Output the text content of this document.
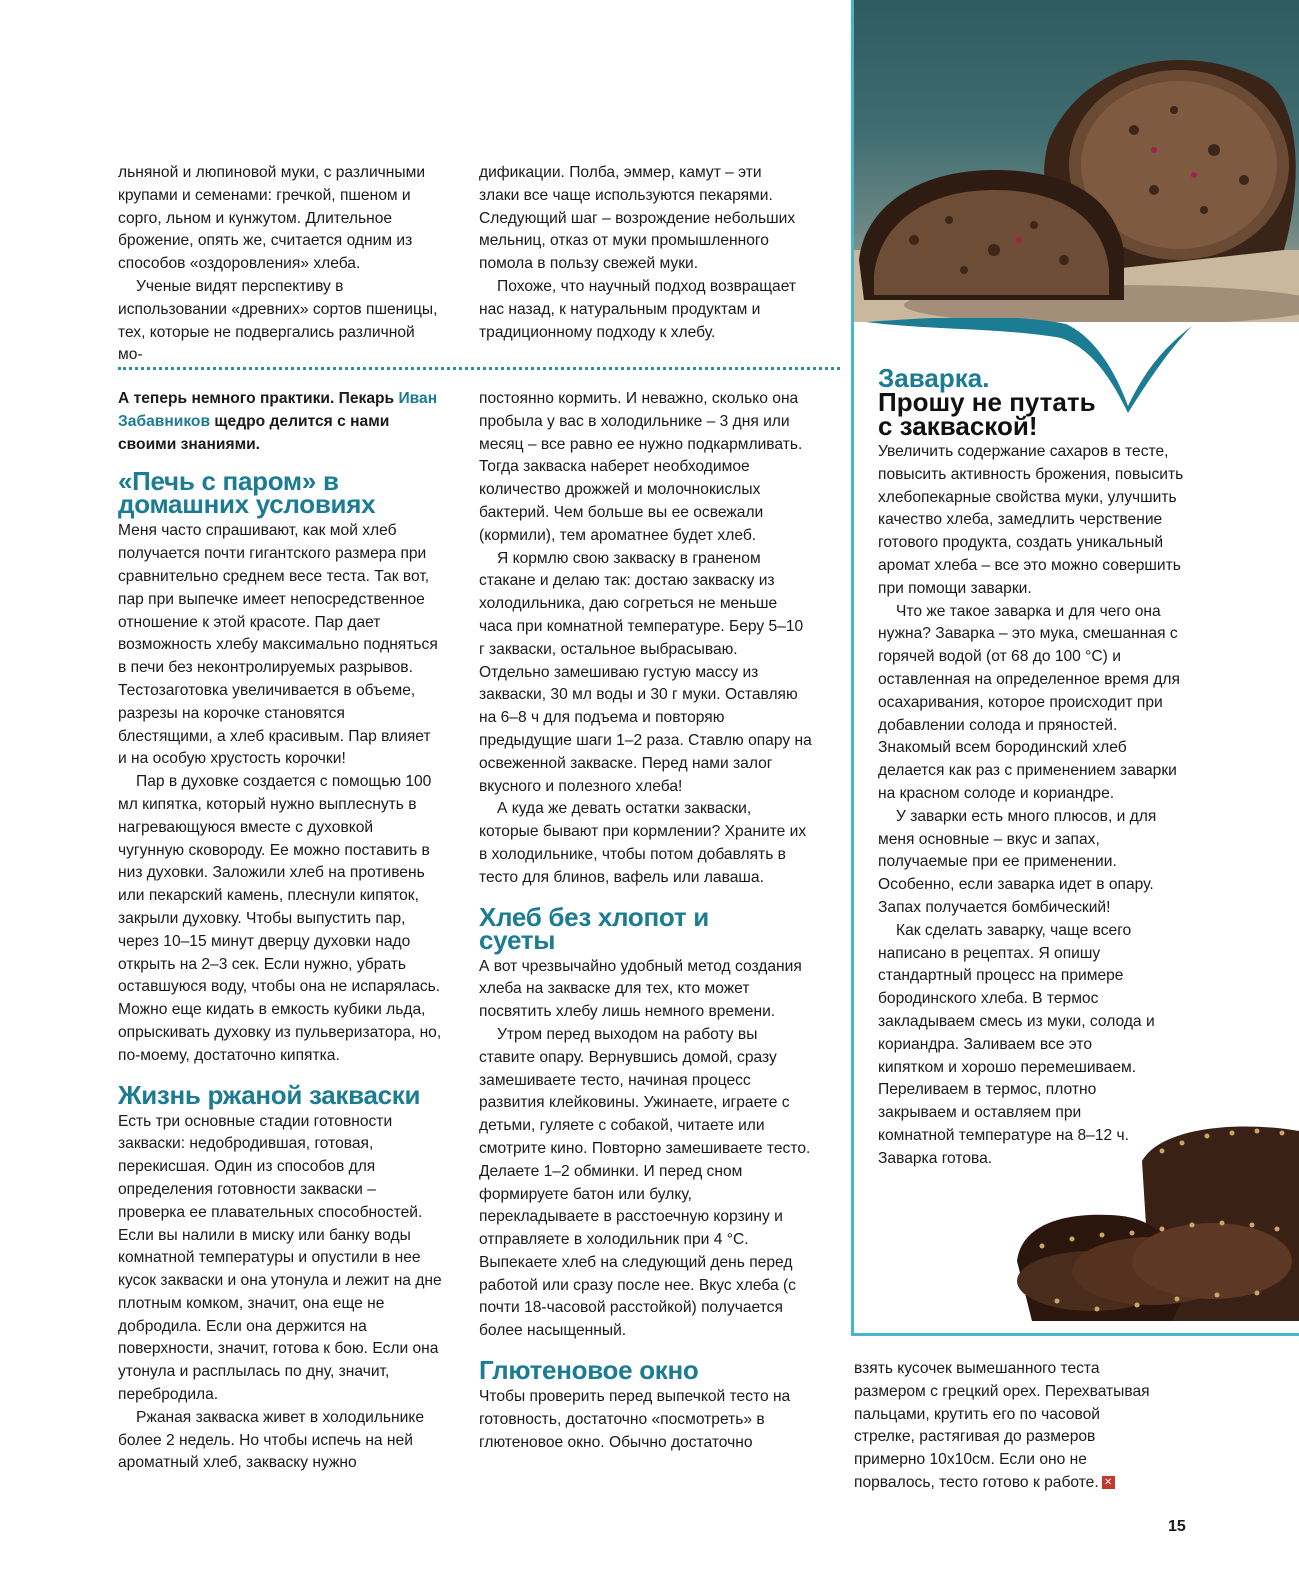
льняной и люпиновой муки, с различными крупами и семенами: гречкой, пшеном и сорго, льном и кунжутом. Длительное брожение, опять же, считается одним из способов «оздоровления» хлеба.

Ученые видят перспективу в использовании «древних» сортов пшеницы, тех, которые не подвергались различной мо-

дификации. Полба, эммер, камут – эти злаки все чаще используются пекарями. Следующий шаг – возрождение небольших мельниц, отказ от муки промышленного помола в пользу свежей муки.

Похоже, что научный подход возвращает нас назад, к натуральным продуктам и традиционному подходу к хлебу.

А теперь немного практики. Пекарь Иван Забавников щедро делится с нами своими знаниями.

«Печь с паром» в домашних условиях

Меня часто спрашивают, как мой хлеб получается почти гигантского размера при сравнительно среднем весе теста. Так вот, пар при выпечке имеет непосредственное отношение к этой красоте. Пар дает возможность хлебу максимально подняться в печи без неконтролируемых разрывов. Тестозаготовка увеличивается в объеме, разрезы на корочке становятся блестящими, а хлеб красивым. Пар влияет и на особую хрустость корочки!

Пар в духовке создается с помощью 100 мл кипятка, который нужно выплеснуть в нагревающуюся вместе с духовкой чугунную сковороду. Ее можно поставить в низ духовки. Заложили хлеб на противень или пекарский камень, плеснули кипяток, закрыли духовку. Чтобы выпустить пар, через 10–15 минут дверцу духовки надо открыть на 2–3 сек. Если нужно, убрать оставшуюся воду, чтобы она не испарялась. Можно еще кидать в емкость кубики льда, опрыскивать духовку из пульверизатора, но, по-моему, достаточно кипятка.

Жизнь ржаной закваски

Есть три основные стадии готовности закваски: недобродившая, готовая, перекисшая. Один из способов для определения готовности закваски – проверка ее плавательных способностей. Если вы налили в миску или банку воды комнатной температуры и опустили в нее кусок закваски и она утонула и лежит на дне плотным комком, значит, она еще не добродила. Если она держится на поверхности, значит, готова к бою. Если она утонула и расплылась по дну, значит, перебродила.

Ржаная закваска живет в холодильнике более 2 недель. Но чтобы испечь на ней ароматный хлеб, закваску нужно

постоянно кормить. И неважно, сколько она пробыла у вас в холодильнике – 3 дня или месяц – все равно ее нужно подкармливать. Тогда закваска наберет необходимое количество дрожжей и молочнокислых бактерий. Чем больше вы ее освежали (кормили), тем ароматнее будет хлеб.

Я кормлю свою закваску в граненом стакане и делаю так: достаю закваску из холодильника, даю согреться не меньше часа при комнатной температуре. Беру 5–10 г закваски, остальное выбрасываю. Отдельно замешиваю густую массу из закваски, 30 мл воды и 30 г муки. Оставляю на 6–8 ч для подъема и повторяю предыдущие шаги 1–2 раза. Ставлю опару на освеженной закваске. Перед нами залог вкусного и полезного хлеба!

А куда же девать остатки закваски, которые бывают при кормлении? Храните их в холодильнике, чтобы потом добавлять в тесто для блинов, вафель или лаваша.

Хлеб без хлопот и суеты

А вот чрезвычайно удобный метод создания хлеба на закваске для тех, кто может посвятить хлебу лишь немного времени.

Утром перед выходом на работу вы ставите опару. Вернувшись домой, сразу замешиваете тесто, начиная процесс развития клейковины. Ужинаете, играете с детьми, гуляете с собакой, читаете или смотрите кино. Повторно замешиваете тесто. Делаете 1–2 обминки. И перед сном формируете батон или булку, перекладываете в расстоечную корзину и отправляете в холодильник при 4 °С. Выпекаете хлеб на следующий день перед работой или сразу после нее. Вкус хлеба (с почти 18-часовой расстойкой) получается более насыщенный.

Глютеновое окно

Чтобы проверить перед выпечкой тесто на готовность, достаточно «посмотреть» в глютеновое окно. Обычно достаточно

Заварка.
Прошу не путать
с закваской!

Увеличить содержание сахаров в тесте, повысить активность брожения, повысить хлебопекарные свойства муки, улучшить качество хлеба, замедлить черствение готового продукта, создать уникальный аромат хлеба – все это можно совершить при помощи заварки.

Что же такое заварка и для чего она нужна? Заварка – это мука, смешанная с горячей водой (от 68 до 100 °С) и оставленная на определенное время для осахаривания, которое происходит при добавлении солода и пряностей. Знакомый всем бородинский хлеб делается как раз с применением заварки на красном солоде и кориандре.

У заварки есть много плюсов, и для меня основные – вкус и запах, получаемые при ее применении. Особенно, если заварка идет в опару. Запах получается бомбический!

Как сделать заварку, чаще всего написано в рецептах. Я опишу стандартный процесс на примере бородинского хлеба. В термос закладываем смесь из муки, солода и кориандра. Заливаем все это кипятком и хорошо перемешиваем. Переливаем в термос, плотно закрываем и оставляем при комнатной температуре на 8–12 ч. Заварка готова.

взять кусочек вымешанного теста размером с грецкий орех. Перехватывая пальцами, крутить его по часовой стрелке, растягивая до размеров примерно 10х10см. Если оно не порвалось, тесто готово к работе. ✕

15
